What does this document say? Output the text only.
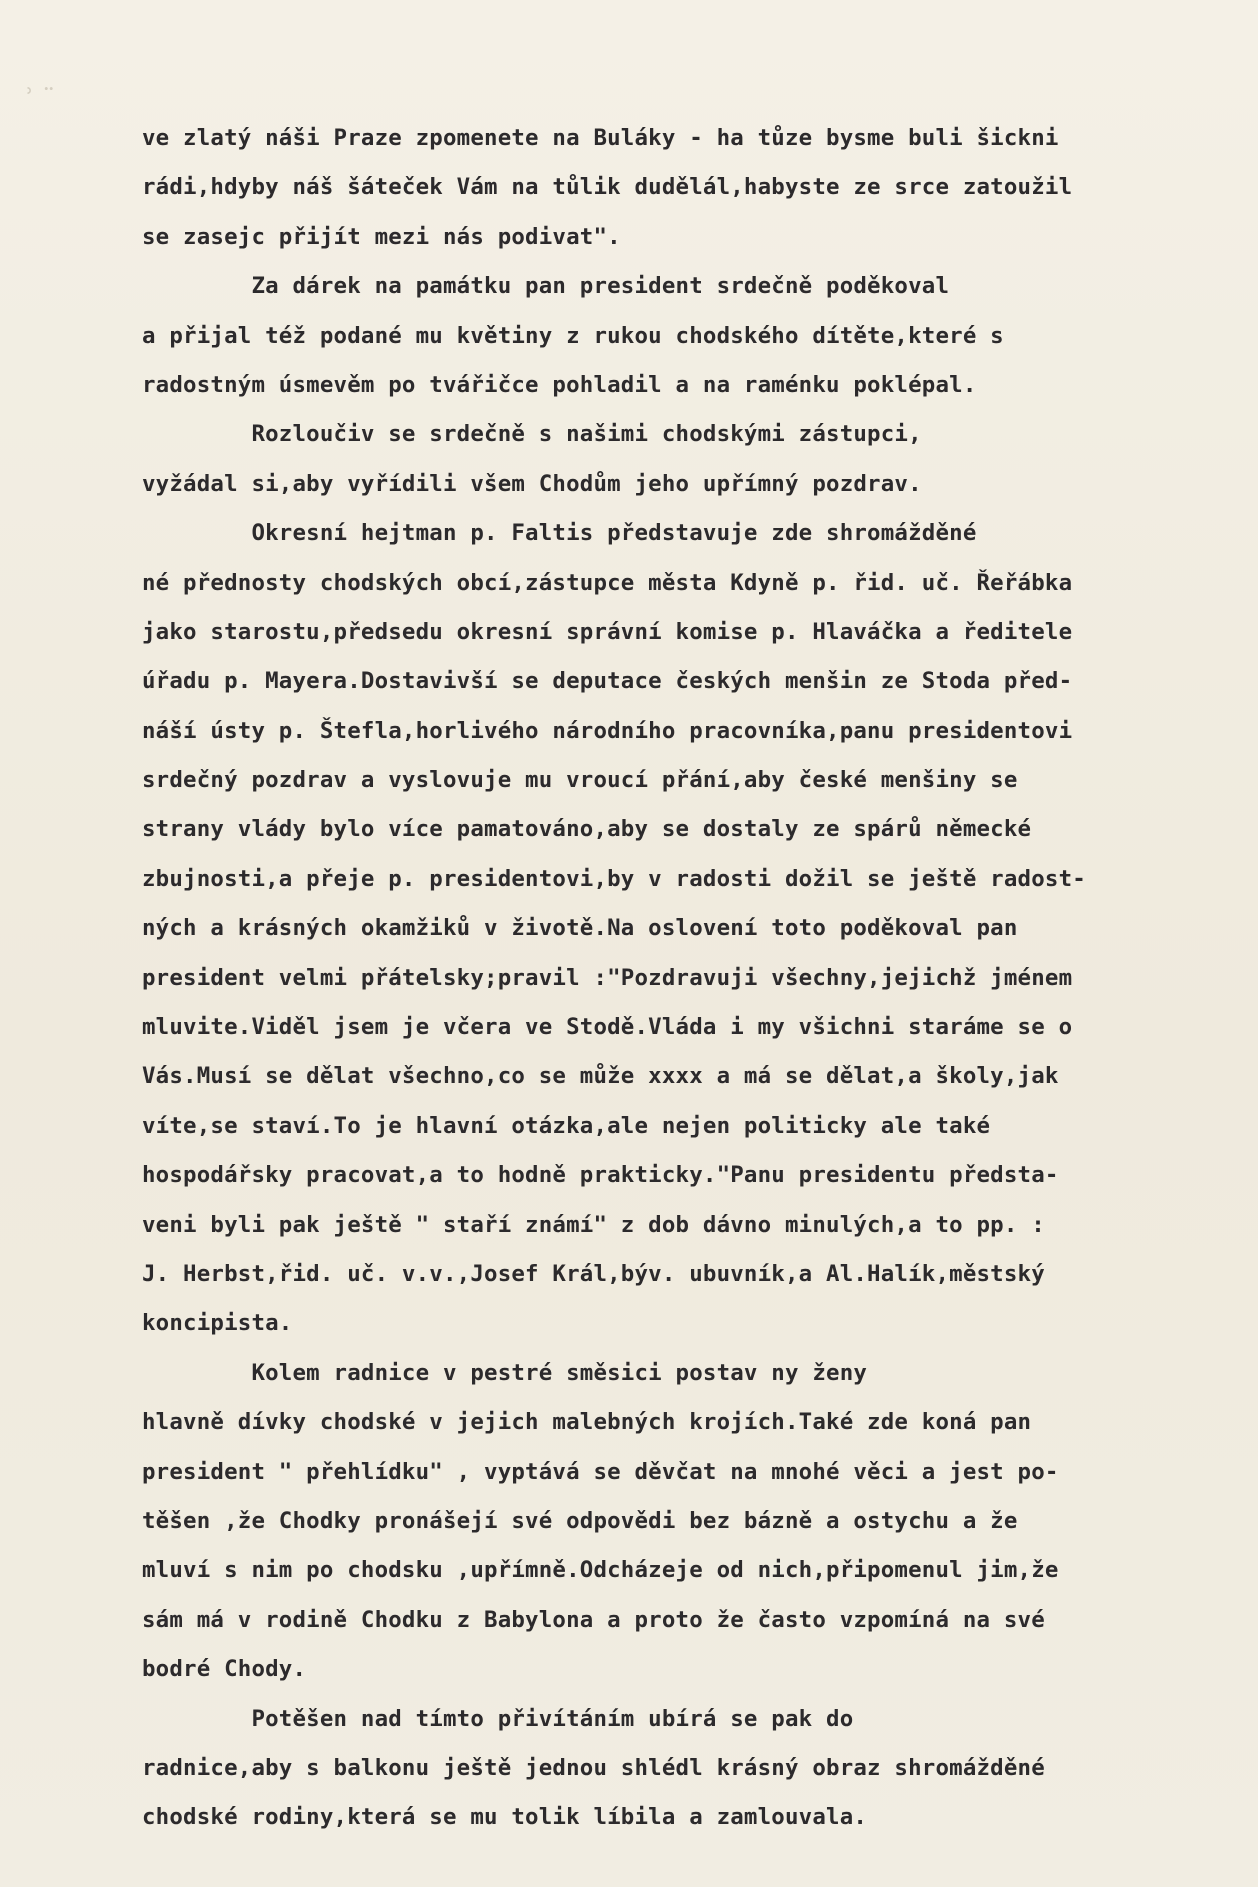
ʾ ¨
ve zlatý náši Praze zpomenete na Buláky - ha tůze bysme buli šickni
rádi,hdyby náš šáteček Vám na tůlik dudělál,habyste ze srce zatoužil
se zasejc přijít mezi nás podivat".
Za dárek na památku pan president srdečně poděkoval
a přijal též podané mu květiny z rukou chodského dítěte,které s
radostným úsmevěm po tvářičce pohladil a na raménku poklépal.
Rozloučiv se srdečně s našimi chodskými zástupci,
vyžádal si,aby vyřídili všem Chodům jeho upřímný pozdrav.
Okresní hejtman p. Faltis představuje zde shromážděné
né přednosty chodských obcí,zástupce města Kdyně p. řid. uč. Řeřábka
jako starostu,předsedu okresní správní komise p. Hlaváčka a ředitele
úřadu p. Mayera.Dostavivší se deputace českých menšin ze Stoda před-
náší ústy p. Štefla,horlivého národního pracovníka,panu presidentovi
srdečný pozdrav a vyslovuje mu vroucí přání,aby české menšiny se
strany vlády bylo více pamatováno,aby se dostaly ze spárů německé
zbujnosti,a přeje p. presidentovi,by v radosti dožil se ještě radost-
ných a krásných okamžiků v životě.Na oslovení toto poděkoval pan
president velmi přátelsky;pravil :"Pozdravuji všechny,jejichž jménem
mluvite.Viděl jsem je včera ve Stodě.Vláda i my všichni staráme se o
Vás.Musí se dělat všechno,co se může xxxx a má se dělat,a školy,jak
víte,se staví.To je hlavní otázka,ale nejen politicky ale také
hospodářsky pracovat,a to hodně prakticky."Panu presidentu předsta-
veni byli pak ještě " staří známí" z dob dávno minulých,a to pp. :
J. Herbst,řid. uč. v.v.,Josef Král,býv. ubuvník,a Al.Halík,městský
koncipista.
Kolem radnice v pestré směsici postav ny ženy
hlavně dívky chodské v jejich malebných krojích.Také zde koná pan
president " přehlídku" , vyptává se děvčat na mnohé věci a jest po-
těšen ,že Chodky pronášejí své odpovědi bez bázně a ostychu a že
mluví s nim po chodsku ,upřímně.Odcházeje od nich,připomenul jim,že
sám má v rodině Chodku z Babylona a proto že často vzpomíná na své
bodré Chody.
Potěšen nad tímto přivítáním ubírá se pak do
radnice,aby s balkonu ještě jednou shlédl krásný obraz shromážděné
chodské rodiny,která se mu tolik líbila a zamlouvala.
